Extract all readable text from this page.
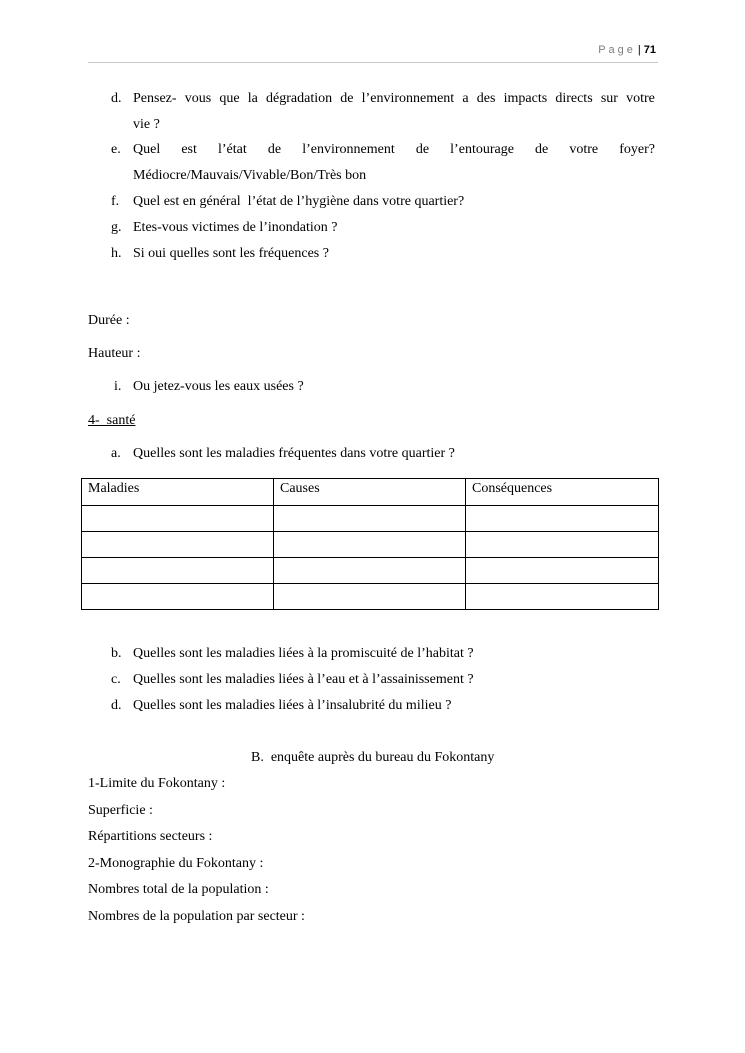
Page | 71
d. Pensez- vous que la dégradation de l’environnement a des impacts directs sur votre
vie ?
e. Quel est l’état de l’environnement de l’entourage de votre foyer?
Médiocre/Mauvais/Vivable/Bon/Très bon
f. Quel est en général  l’état de l’hygiène dans votre quartier?
g. Etes-vous victimes de l’inondation ?
h. Si oui quelles sont les fréquences ?
Durée :
Hauteur :
i. Ou jetez-vous les eaux usées ?
4-  santé
a. Quelles sont les maladies fréquentes dans votre quartier ?
Maladies	Causes	Conséquences

b. Quelles sont les maladies liées à la promiscuité de l’habitat ?
c. Quelles sont les maladies liées à l’eau et à l’assainissement ?
d. Quelles sont les maladies liées à l’insalubrité du milieu ?
B.  enquête auprès du bureau du Fokontany
1-Limite du Fokontany :
Superficie :
Répartitions secteurs :
2-Monographie du Fokontany :
Nombres total de la population :
Nombres de la population par secteur :
